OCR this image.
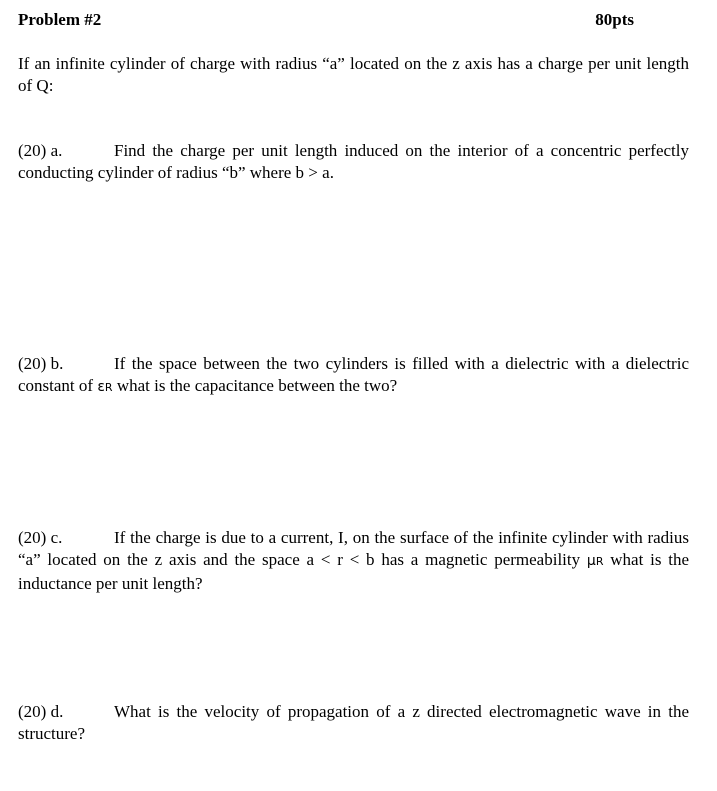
Problem #2	80pts
If an infinite cylinder of charge with radius “a” located on the z axis has a charge per unit length of Q:
(20) a.	Find the charge per unit length induced on the interior of a concentric perfectly conducting cylinder of radius “b” where b > a.
(20) b.	If the space between the two cylinders is filled with a dielectric with a dielectric constant of εR what is the capacitance between the two?
(20) c.	If the charge is due to a current, I, on the surface of the infinite cylinder with radius “a” located on the z axis and the space a < r < b has a magnetic permeability μR what is the inductance per unit length?
(20) d.	What is the velocity of propagation of a z directed electromagnetic wave in the structure?
